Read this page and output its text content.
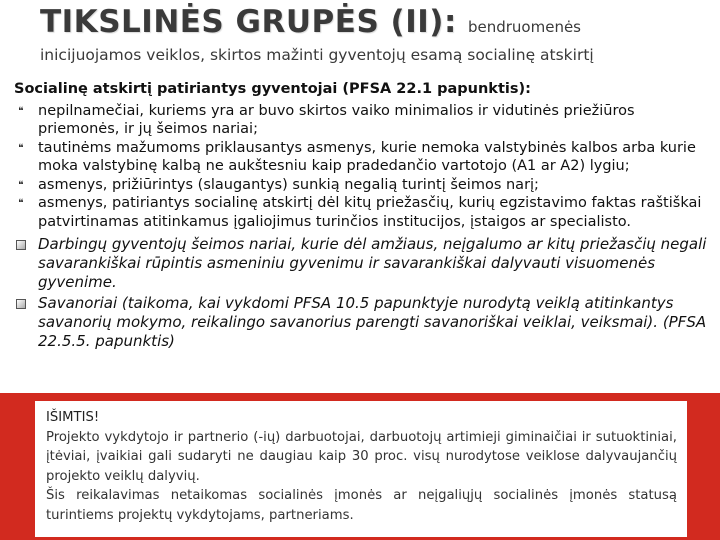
TIKSLINĖS GRUPĖS (II): bendruomenės
inicijuojamos veiklos, skirtos mažinti gyventojų esamą socialinę atskirtį
Socialinę atskirtį patiriantys gyventojai (PFSA 22.1 papunktis):
❝ nepilnamečiai, kuriems yra ar buvo skirtos vaiko minimalios ir vidutinės priežiūros priemonės, ir jų šeimos nariai;
❝ tautinėms mažumoms priklausantys asmenys, kurie nemoka valstybinės kalbos arba kurie moka valstybinę kalbą ne aukštesniu kaip pradedančio vartotojo (A1 ar A2) lygiu;
❝ asmenys, prižiūrintys (slaugantys) sunkią negalią turintį šeimos narį;
❝ asmenys, patiriantys socialinę atskirtį dėl kitų priežasčių, kurių egzistavimo faktas raštiškai patvirtinamas atitinkamus įgaliojimus turinčios institucijos, įstaigos ar specialisto.
Darbingų gyventojų šeimos nariai, kurie dėl amžiaus, neįgalumo ar kitų priežasčių negali savarankiškai rūpintis asmeniniu gyvenimu ir savarankiškai dalyvauti visuomenės gyvenime.
Savanoriai (taikoma, kai vykdomi PFSA 10.5 papunktyje nurodytą veiklą atitinkantys savanorių mokymo, reikalingo savanorius parengti savanoriškai veiklai, veiksmai). (PFSA 22.5.5. papunktis)
IŠIMTIS!

Projekto vykdytojo ir partnerio (-ių) darbuotojai, darbuotojų artimieji giminaičiai ir sutuoktiniai, įtėviai, įvaikiai gali sudaryti ne daugiau kaip 30 proc. visų nurodytose veiklose dalyvaujančių projekto veiklų dalyvių.

Šis reikalavimas netaikomas socialinės įmonės ar neįgaliųjų socialinės įmonės statusą turintiems projektų vykdytojams, partneriams.
